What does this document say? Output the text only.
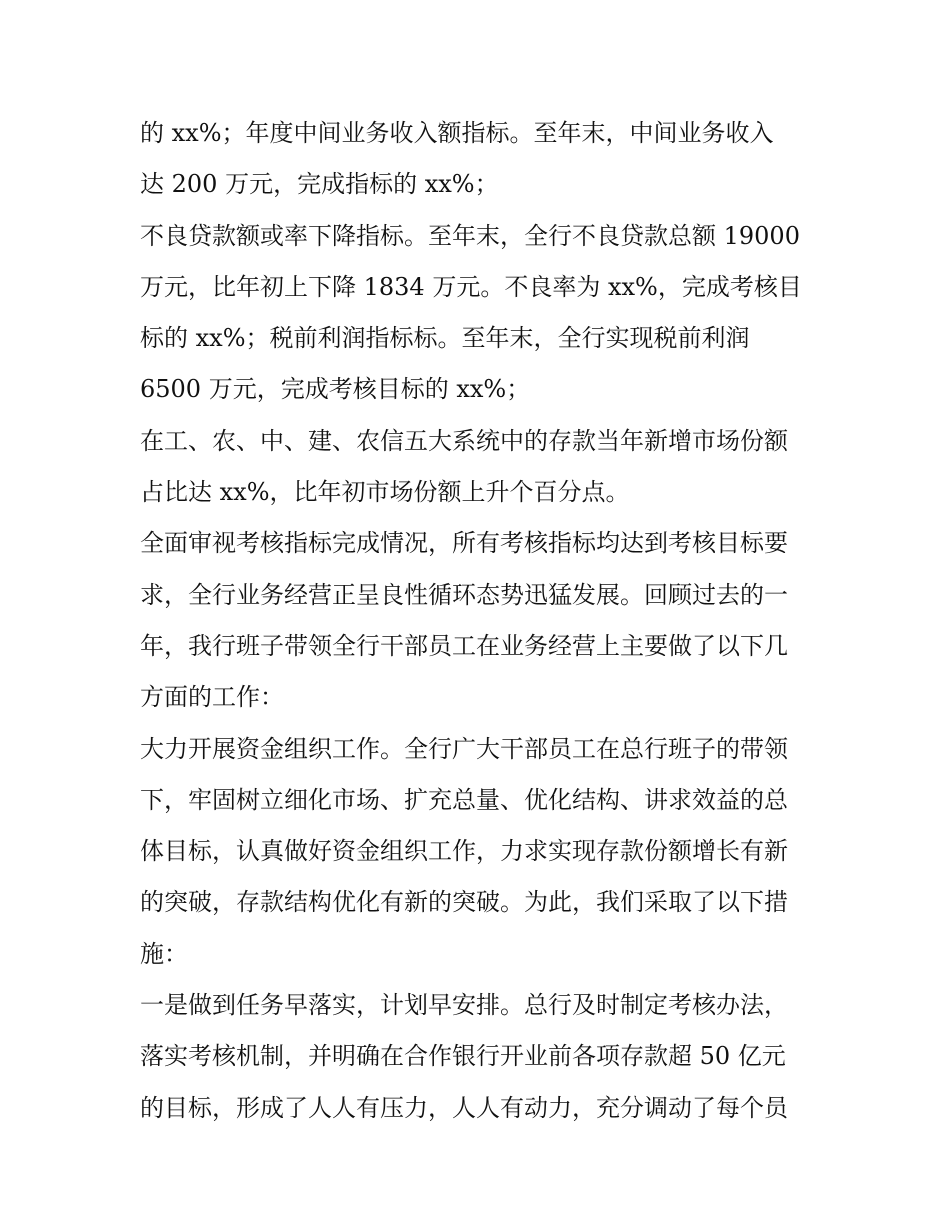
的 xx%；年度中间业务收入额指标。至年末，中间业务收入
达 200 万元，完成指标的 xx%；
不良贷款额或率下降指标。至年末，全行不良贷款总额 19000
万元，比年初上下降 1834 万元。不良率为 xx%，完成考核目
标的 xx%；税前利润指标标。至年末，全行实现税前利润
6500 万元，完成考核目标的 xx%；
在工、农、中、建、农信五大系统中的存款当年新增市场份额
占比达 xx%，比年初市场份额上升个百分点。
全面审视考核指标完成情况，所有考核指标均达到考核目标要
求，全行业务经营正呈良性循环态势迅猛发展。回顾过去的一
年，我行班子带领全行干部员工在业务经营上主要做了以下几
方面的工作：
大力开展资金组织工作。全行广大干部员工在总行班子的带领
下，牢固树立细化市场、扩充总量、优化结构、讲求效益的总
体目标，认真做好资金组织工作，力求实现存款份额增长有新
的突破，存款结构优化有新的突破。为此，我们采取了以下措
施：
一是做到任务早落实，计划早安排。总行及时制定考核办法，
落实考核机制，并明确在合作银行开业前各项存款超 50 亿元
的目标，形成了人人有压力，人人有动力，充分调动了每个员
